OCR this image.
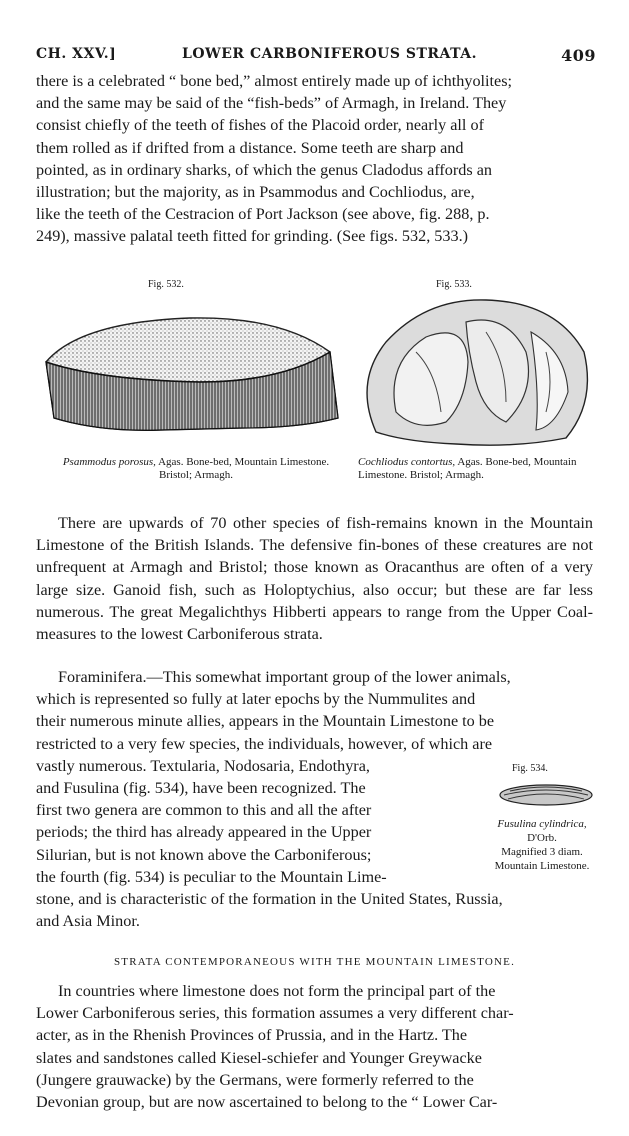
CH. XXV.]	LOWER CARBONIFEROUS STRATA.	409
there is a celebrated “ bone bed,” almost entirely made up of ichthyolites;
and the same may be said of the “fish-beds” of Armagh, in Ireland. They
consist chiefly of the teeth of fishes of the Placoid order, nearly all of
them rolled as if drifted from a distance. Some teeth are sharp and
pointed, as in ordinary sharks, of which the genus Cladodus affords an
illustration; but the majority, as in Psammodus and Cochliodus, are,
like the teeth of the Cestracion of Port Jackson (see above, fig. 288, p.
249), massive palatal teeth fitted for grinding. (See figs. 532, 533.)
Fig. 532.
Psammodus porosus, Agas. Bone-bed, Mountain Limestone. Bristol; Armagh.
Fig. 533.
Cochliodus contortus, Agas. Bone-bed, Mountain Limestone. Bristol; Armagh.

There are upwards of 70 other species of fish-remains known in the Mountain Limestone of the British Islands. The defensive fin-bones of these creatures are not unfrequent at Armagh and Bristol; those known as Oracanthus are often of a very large size. Ganoid fish, such as Holoptychius, also occur; but these are far less numerous. The great Megalichthys Hibberti appears to range from the Upper Coal-measures to the lowest Carboniferous strata.

Foraminifera.—This somewhat important group of the lower animals,
which is represented so fully at later epochs by the Nummulites and
their numerous minute allies, appears in the Mountain Limestone to be
restricted to a very few species, the individuals, however, of which are
vastly numerous. Textularia, Nodosaria, Endothyra,
and Fusulina (fig. 534), have been recognized. The
first two genera are common to this and all the after
periods; the third has already appeared in the Upper
Silurian, but is not known above the Carboniferous;
the fourth (fig. 534) is peculiar to the Mountain Lime-
stone, and is characteristic of the formation in the United States, Russia,
and Asia Minor.
Fig. 534.
Fusulina cylindrica,
D'Orb.
Magnified 3 diam.
Mountain Limestone.
STRATA CONTEMPORANEOUS WITH THE MOUNTAIN LIMESTONE.
In countries where limestone does not form the principal part of the
Lower Carboniferous series, this formation assumes a very different char-
acter, as in the Rhenish Provinces of Prussia, and in the Hartz. The
slates and sandstones called Kiesel-schiefer and Younger Greywacke
(Jungere grauwacke) by the Germans, were formerly referred to the
Devonian group, but are now ascertained to belong to the “ Lower Car-
